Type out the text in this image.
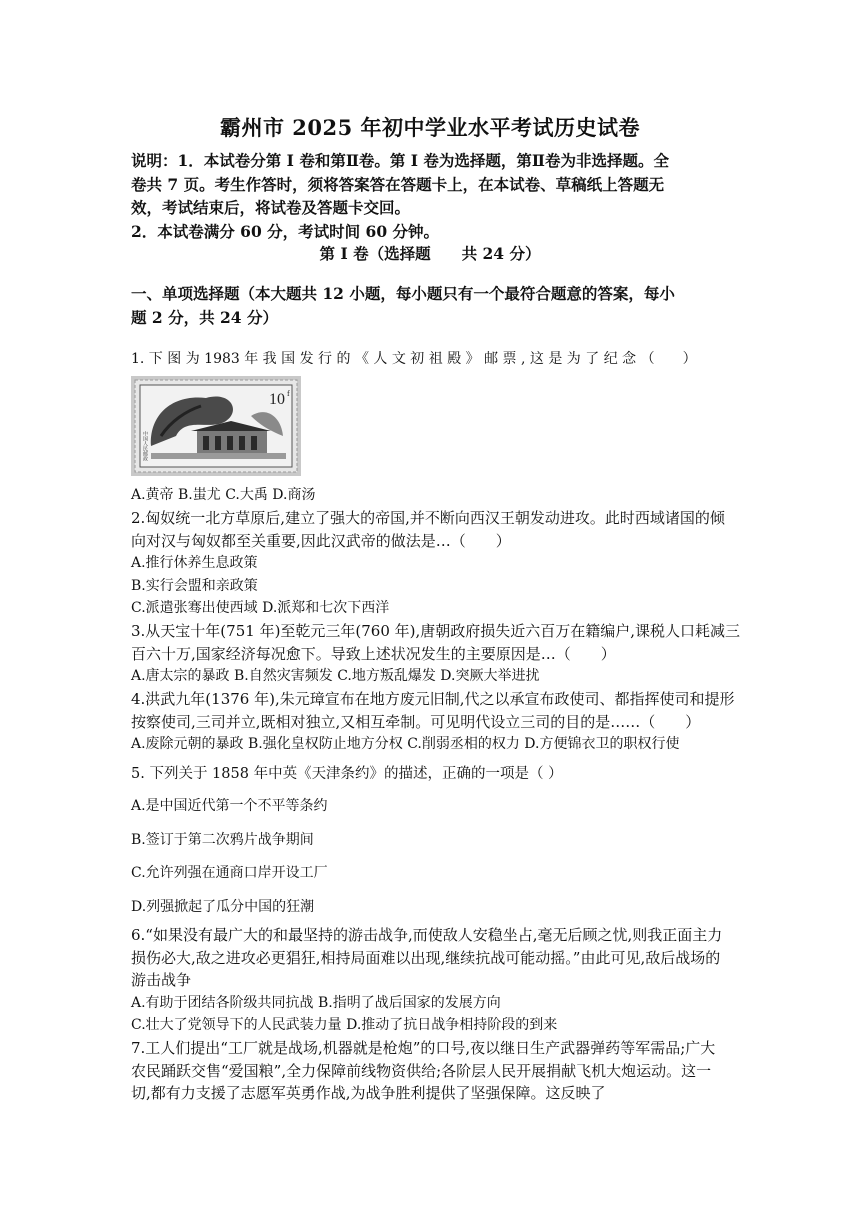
霸州市 2025 年初中学业水平考试历史试卷
说明：1．本试卷分第 I 卷和第Ⅱ卷。第 I 卷为选择题，第Ⅱ卷为非选择题。全
卷共 7 页。考生作答时，须将答案答在答题卡上，在本试卷、草稿纸上答题无
效，考试结束后，将试卷及答题卡交回。
2．本试卷满分 60 分，考试时间 60 分钟。
第 I 卷（选择题　　共 24 分）
一、单项选择题（本大题共 12 小题，每小题只有一个最符合题意的答案，每小
题 2 分，共 24 分）
1. 下 图 为 1983 年 我 国 发 行 的 《 人 文 初 祖 殿 》 邮 票 , 这 是 为 了 纪 念 （　　）
10 f
中国人民邮政
A.黄帝 B.蚩尤 C.大禹 D.商汤
2.匈奴统一北方草原后,建立了强大的帝国,并不断向西汉王朝发动进攻。此时西域诸国的倾
向对汉与匈奴都至关重要,因此汉武帝的做法是…（　　）
A.推行休养生息政策
B.实行会盟和亲政策
C.派遣张骞出使西域 D.派郑和七次下西洋
3.从天宝十年(751 年)至乾元三年(760 年),唐朝政府损失近六百万在籍编户,课税人口耗减三
百六十万,国家经济每况愈下。导致上述状况发生的主要原因是…（　　）
A.唐太宗的暴政 B.自然灾害频发 C.地方叛乱爆发 D.突厥大举进扰
4.洪武九年(1376 年),朱元璋宣布在地方废元旧制,代之以承宣布政使司、都指挥使司和提形
按察使司,三司并立,既相对独立,又相互牵制。可见明代设立三司的目的是……（　　）
A.废除元朝的暴政 B.强化皇权防止地方分权 C.削弱丞相的权力 D.方便锦衣卫的职权行使
5. 下列关于 1858 年中英《天津条约》的描述，正确的一项是（ ）
A.是中国近代第一个不平等条约
B.签订于第二次鸦片战争期间
C.允许列强在通商口岸开设工厂
D.列强掀起了瓜分中国的狂潮
6.“如果没有最广大的和最坚持的游击战争,而使敌人安稳坐占,毫无后顾之忧,则我正面主力
损伤必大,敌之进攻必更猖狂,相持局面难以出现,继续抗战可能动摇。”由此可见,敌后战场的
游击战争
A.有助于团结各阶级共同抗战 B.指明了战后国家的发展方向
C.壮大了党领导下的人民武装力量 D.推动了抗日战争相持阶段的到来
7.工人们提出“工厂就是战场,机器就是枪炮”的口号,夜以继日生产武器弹药等军需品;广大
农民踊跃交售“爱国粮”,全力保障前线物资供给;各阶层人民开展捐献飞机大炮运动。这一
切,都有力支援了志愿军英勇作战,为战争胜利提供了坚强保障。这反映了
